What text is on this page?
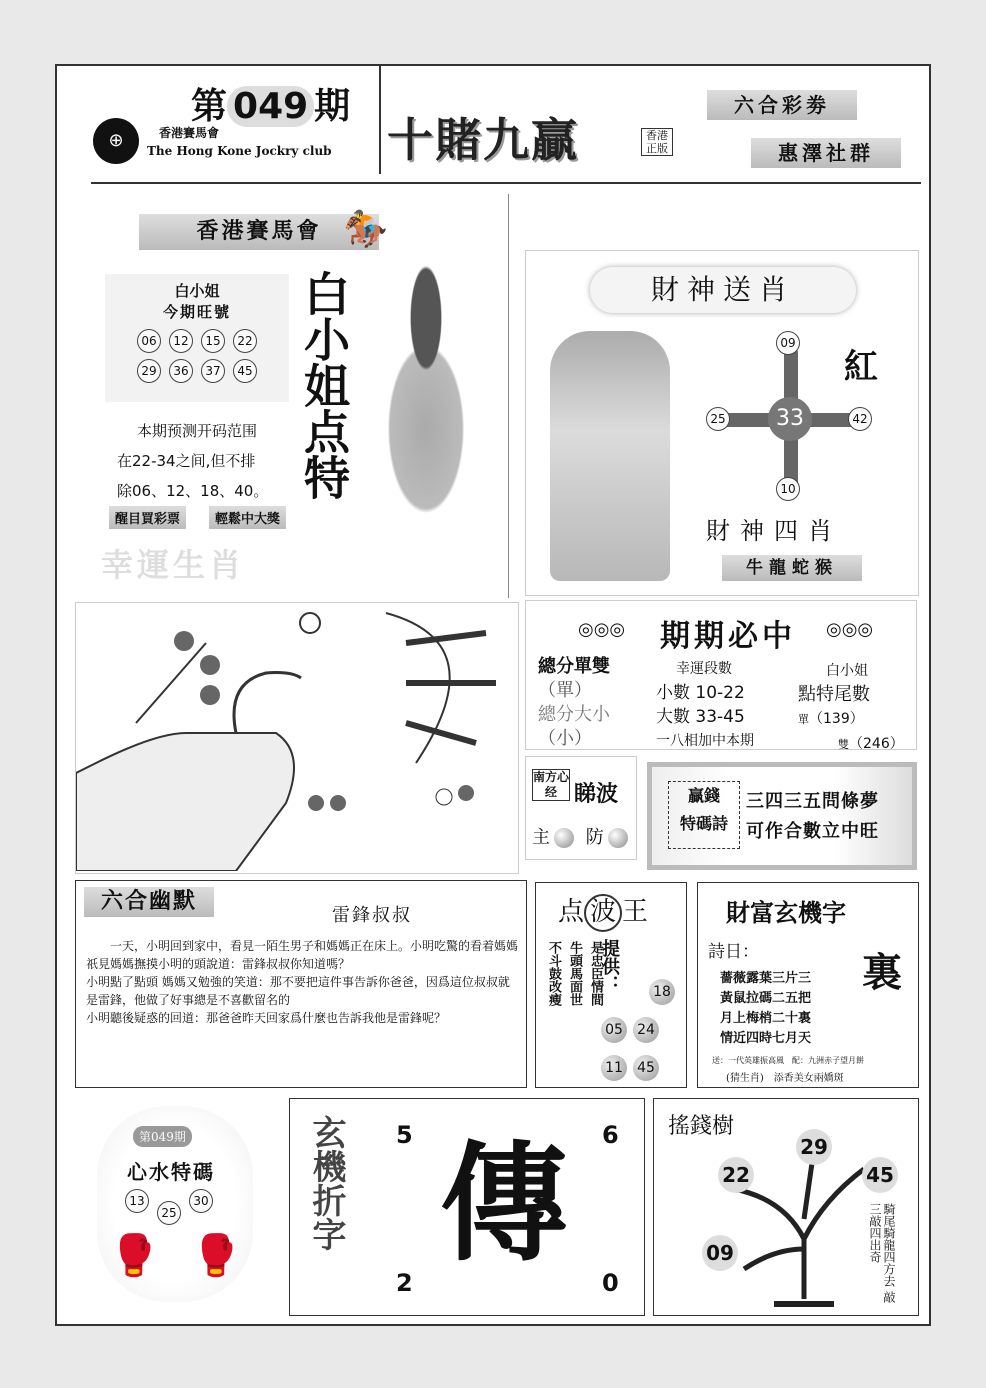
第 049 期
⊕	香港賽馬會
The Hong Kone Jockry club 十賭九贏	香港正版
六合彩劵
惠澤社群
香港賽馬會 🏇
白小姐
今期旺號
06 12 15 22
29 36 37 45 白小姐点特
本期预测开码范围
在22-34之间,但不排
除06、12、18、40。
醒目買彩票	輕鬆中大獎
幸運生肖
財神送肖
09
25	42
10
33
紅
財神四肖
牛龍蛇猴
◎◎◎ 期期必中 ◎◎◎
總分單雙
（單）
總分大小
（小）
幸運段數
小數 10-22
大數 33-45
一八相加中本期
白小姐
點特尾數
單（139）
雙（246）
南方心经 睇波
主 防
贏錢
特碼詩
三四三五問條夢
可作合數立中旺
六合幽默
雷鋒叔叔
一天，小明回到家中，看見一陌生男子和媽媽正在床上。小明吃驚的看着媽媽
祇見媽媽撫摸小明的頭說道：雷鋒叔叔你知道嗎？
小明點了點頭 媽媽又勉強的笑道：那不要把這件事告訴你爸爸，因爲這位叔叔就是雷鋒，他做了好事總是不喜歡留名的
小明聽後疑惑的回道：那爸爸昨天回家爲什麼也告訴我他是雷鋒呢？
点 波 王
不斗鼓改瘦 牛頭馬面世 是忠臣情間
提供：	18
05 24
11 45
財富玄機字
詩日：	裏
薔薇露葉三片三
黃鼠拉碼二五把
月上梅梢二十裏
情近四時七月天
送：一代英雄振高風　配：九洲赤子望月餅
(猜生肖)　添香美女兩嬌斑
第049期
心水特碼
132530
🥊 🥊
玄機折字 傳
5	6
2	0
搖錢樹
29
22	45
09	騎尾騎龍四方去 敲三敲四出奇
